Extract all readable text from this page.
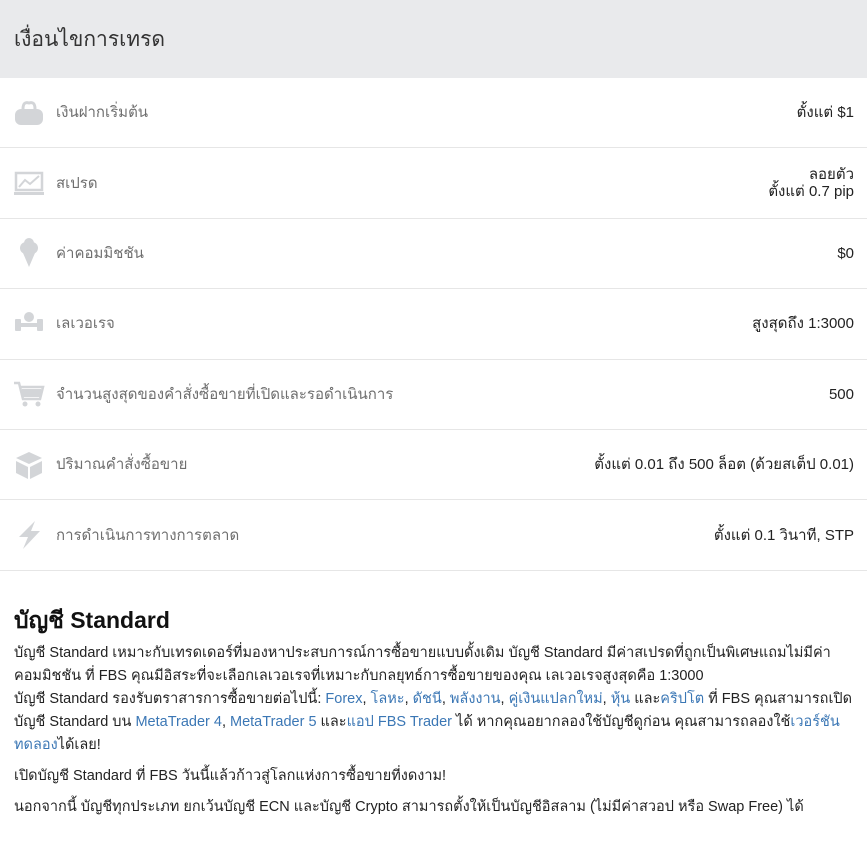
เงื่อนไขการเทรด
เงินฝากเริ่มต้น	ตั้งแต่ $1
สเปรด	ลอยตัว
ตั้งแต่ 0.7 pip
ค่าคอมมิชชัน	$0
เลเวอเรจ	สูงสุดถึง 1:3000
จำนวนสูงสุดของคำสั่งซื้อขายที่เปิดและรอดำเนินการ	500
ปริมาณคำสั่งซื้อขาย	ตั้งแต่ 0.01 ถึง 500 ล็อต (ด้วยสเต็ป 0.01)
การดำเนินการทางการตลาด	ตั้งแต่ 0.1 วินาที, STP
บัญชี Standard

บัญชี Standard เหมาะกับเทรดเดอร์ที่มองหาประสบการณ์การซื้อขายแบบดั้งเดิม บัญชี Standard มีค่าสเปรดที่ถูกเป็นพิเศษแถมไม่มีค่าคอมมิชชัน ที่ FBS คุณมีอิสระที่จะเลือกเลเวอเรจที่เหมาะกับกลยุทธ์การซื้อขายของคุณ เลเวอเรจสูงสุดคือ 1:3000
บัญชี Standard รองรับตราสารการซื้อขายต่อไปนี้: Forex, โลหะ, ดัชนี, พลังงาน, คู่เงินแปลกใหม่, หุ้น และคริปโต ที่ FBS คุณสามารถเปิดบัญชี Standard บน MetaTrader 4, MetaTrader 5 และแอป FBS Trader ได้ หากคุณอยากลองใช้บัญชีดูก่อน คุณสามารถลองใช้เวอร์ชันทดลองได้เลย!

เปิดบัญชี Standard ที่ FBS วันนี้แล้วก้าวสู่โลกแห่งการซื้อขายที่งดงาม!

นอกจากนี้ บัญชีทุกประเภท ยกเว้นบัญชี ECN และบัญชี Crypto สามารถตั้งให้เป็นบัญชีอิสลาม (ไม่มีค่าสวอป หรือ Swap Free) ได้
